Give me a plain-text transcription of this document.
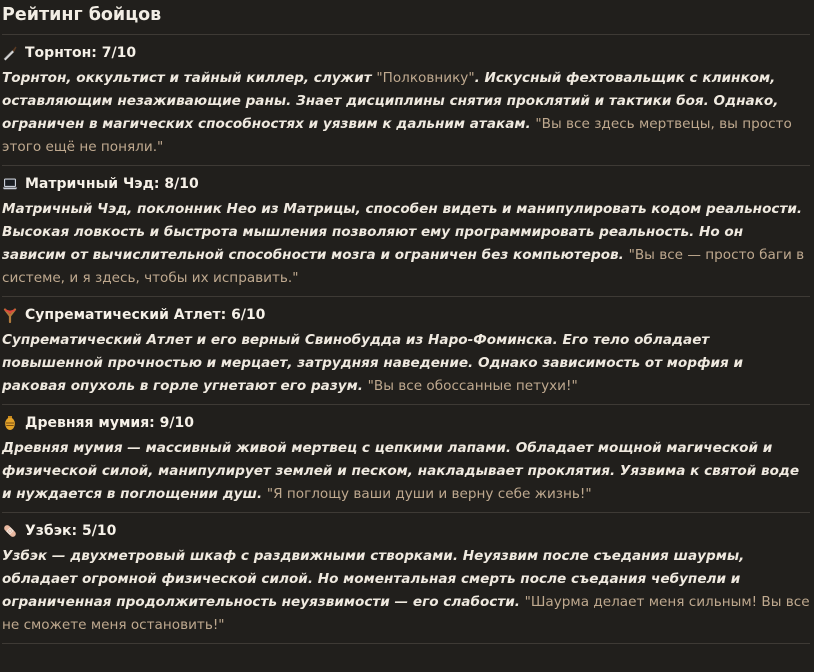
Рейтинг бойцов
Торнтон: 7/10
Торнтон, оккультист и тайный киллер, служит "Полковнику". Искусный фехтовальщик с клинком, оставляющим незаживающие раны. Знает дисциплины снятия проклятий и тактики боя. Однако, ограничен в магических способностях и уязвим к дальним атакам. "Вы все здесь мертвецы, вы просто этого ещё не поняли."
Матричный Чэд: 8/10
Матричный Чэд, поклонник Нео из Матрицы, способен видеть и манипулировать кодом реальности. Высокая ловкость и быстрота мышления позволяют ему программировать реальность. Но он зависим от вычислительной способности мозга и ограничен без компьютеров. "Вы все — просто баги в системе, и я здесь, чтобы их исправить."
Супрематический Атлет: 6/10
Супрематический Атлет и его верный Свинобудда из Наро-Фоминска. Его тело обладает повышенной прочностью и мерцает, затрудняя наведение. Однако зависимость от морфия и раковая опухоль в горле угнетают его разум. "Вы все обоссанные петухи!"
Древняя мумия: 9/10
Древняя мумия — массивный живой мертвец с цепкими лапами. Обладает мощной магической и физической силой, манипулирует землей и песком, накладывает проклятия. Уязвима к святой воде и нуждается в поглощении душ. "Я поглощу ваши души и верну себе жизнь!"
Узбэк: 5/10
Узбэк — двухметровый шкаф с раздвижными створками. Неуязвим после съедания шаурмы, обладает огромной физической силой. Но моментальная смерть после съедания чебупели и ограниченная продолжительность неуязвимости — его слабости. "Шаурма делает меня сильным! Вы все не сможете меня остановить!"
